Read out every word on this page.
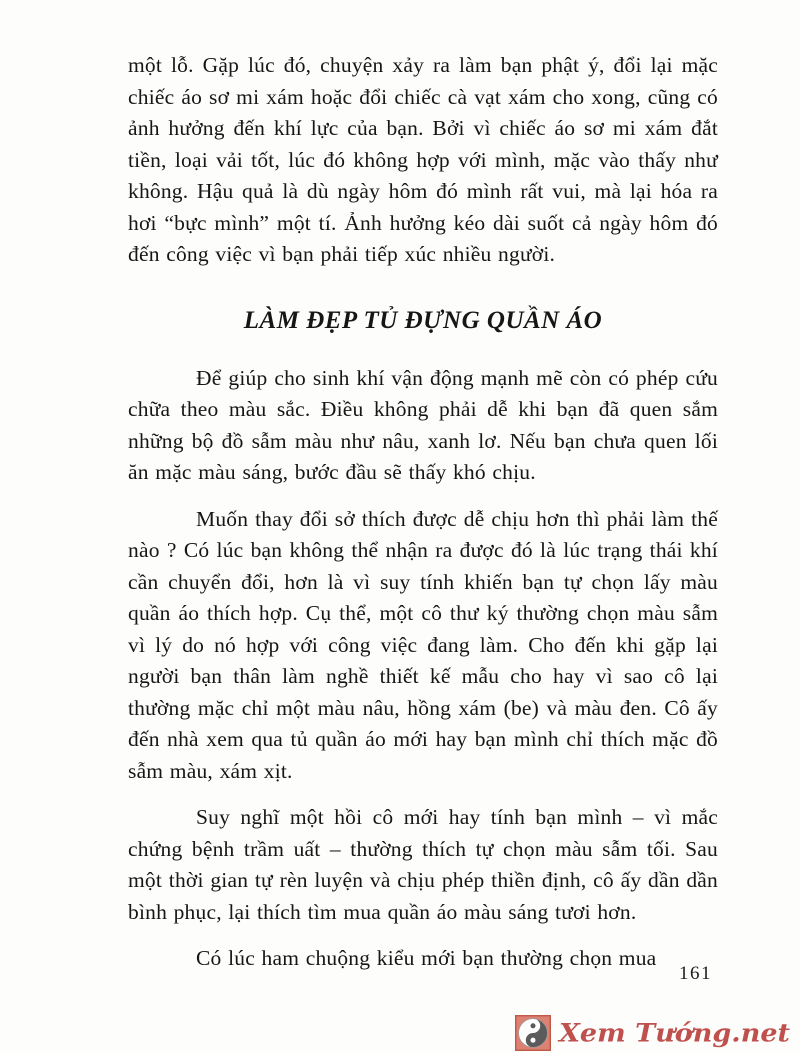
một lỗ. Gặp lúc đó, chuyện xảy ra làm bạn phật ý, đổi lại mặc chiếc áo sơ mi xám hoặc đổi chiếc cà vạt xám cho xong, cũng có ảnh hưởng đến khí lực của bạn. Bởi vì chiếc áo sơ mi xám đắt tiền, loại vải tốt, lúc đó không hợp với mình, mặc vào thấy như không. Hậu quả là dù ngày hôm đó mình rất vui, mà lại hóa ra hơi “bực mình” một tí. Ảnh hưởng kéo dài suốt cả ngày hôm đó đến công việc vì bạn phải tiếp xúc nhiều người.

LÀM ĐẸP TỦ ĐỰNG QUẦN ÁO

Để giúp cho sinh khí vận động mạnh mẽ còn có phép cứu chữa theo màu sắc. Điều không phải dễ khi bạn đã quen sắm những bộ đồ sẫm màu như nâu, xanh lơ. Nếu bạn chưa quen lối ăn mặc màu sáng, bước đầu sẽ thấy khó chịu.

Muốn thay đổi sở thích được dễ chịu hơn thì phải làm thế nào ? Có lúc bạn không thể nhận ra được đó là lúc trạng thái khí cần chuyển đổi, hơn là vì suy tính khiến bạn tự chọn lấy màu quần áo thích hợp. Cụ thể, một cô thư ký thường chọn màu sẫm vì lý do nó hợp với công việc đang làm. Cho đến khi gặp lại người bạn thân làm nghề thiết kế mẫu cho hay vì sao cô lại thường mặc chỉ một màu nâu, hồng xám (be) và màu đen. Cô ấy đến nhà xem qua tủ quần áo mới hay bạn mình chỉ thích mặc đồ sẫm màu, xám xịt.

Suy nghĩ một hồi cô mới hay tính bạn mình – vì mắc chứng bệnh trầm uất – thường thích tự chọn màu sẫm tối. Sau một thời gian tự rèn luyện và chịu phép thiền định, cô ấy dần dần bình phục, lại thích tìm mua quần áo màu sáng tươi hơn.

Có lúc ham chuộng kiểu mới bạn thường chọn mua

161
Xem Tướng.net
